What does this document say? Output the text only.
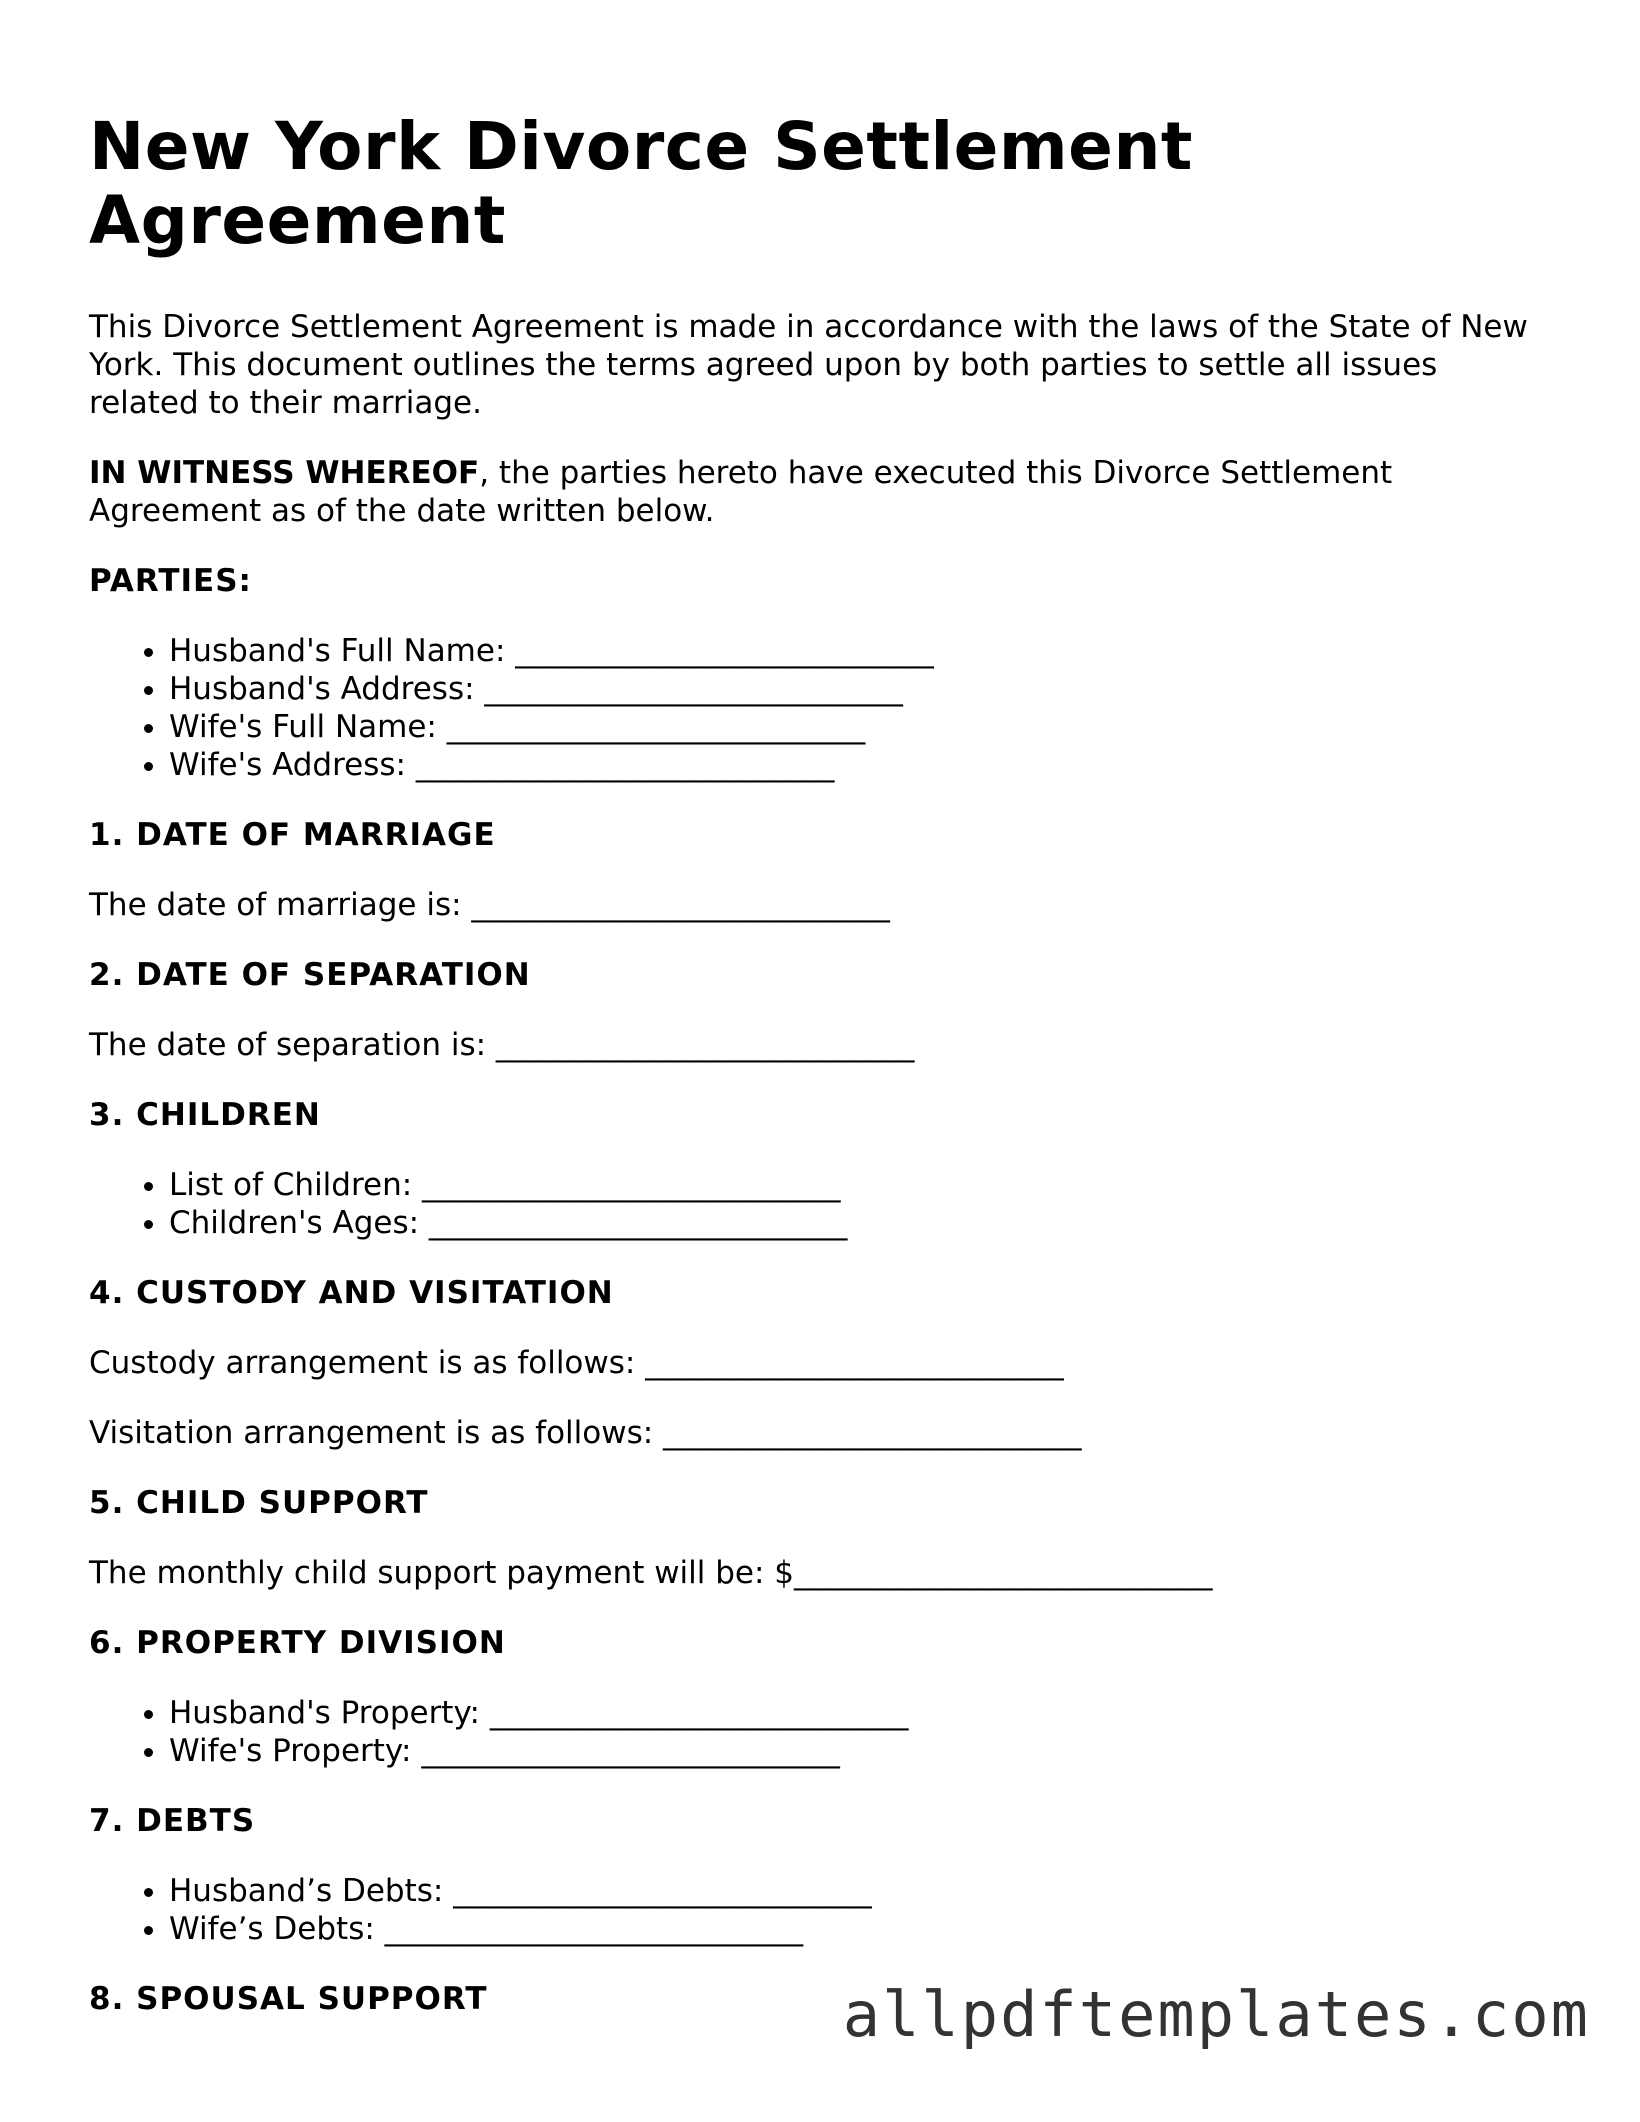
New York Divorce Settlement Agreement

This Divorce Settlement Agreement is made in accordance with the laws of the State of New York. This document outlines the terms agreed upon by both parties to settle all issues related to their marriage.

IN WITNESS WHEREOF, the parties hereto have executed this Divorce Settlement Agreement as of the date written below.

PARTIES:
• Husband's Full Name: ___________________________
• Husband's Address: ___________________________
• Wife's Full Name: ___________________________
• Wife's Address: ___________________________
1. DATE OF MARRIAGE

The date of marriage is: ___________________________

2. DATE OF SEPARATION

The date of separation is: ___________________________

3. CHILDREN
• List of Children: ___________________________
• Children's Ages: ___________________________
4. CUSTODY AND VISITATION

Custody arrangement is as follows: ___________________________

Visitation arrangement is as follows: ___________________________

5. CHILD SUPPORT

The monthly child support payment will be: $___________________________

6. PROPERTY DIVISION
• Husband's Property: ___________________________
• Wife's Property: ___________________________
7. DEBTS
• Husband’s Debts: ___________________________
• Wife’s Debts: ___________________________
8. SPOUSAL SUPPORT	allpdftemplates.com
